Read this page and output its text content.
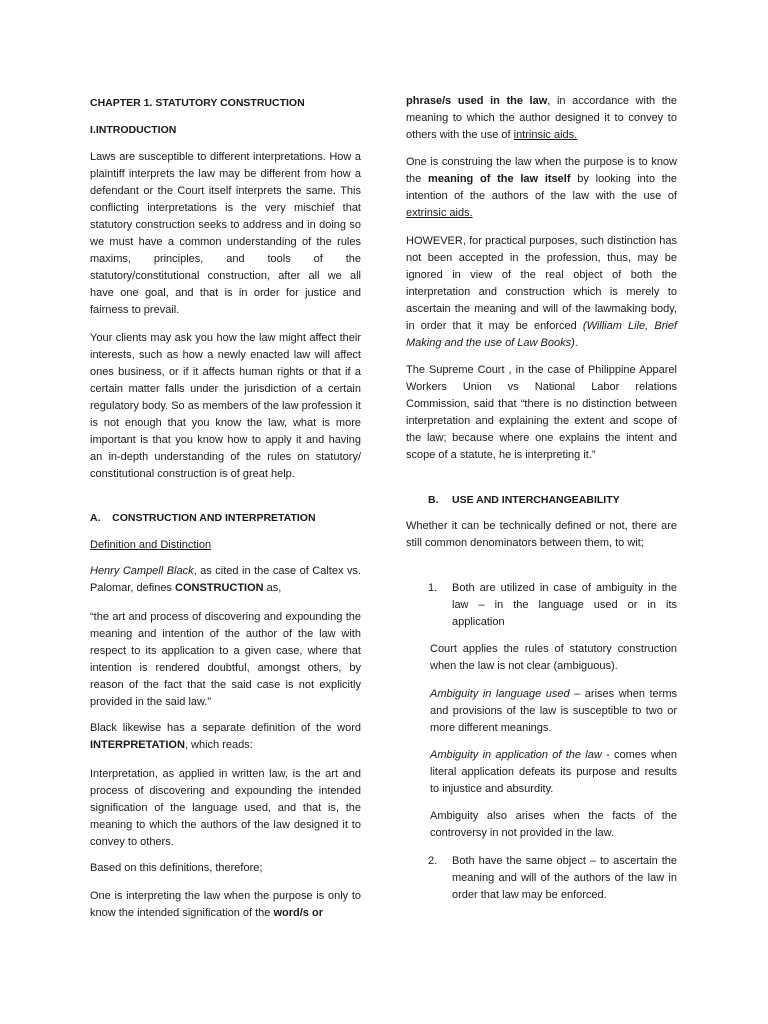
CHAPTER 1. STATUTORY CONSTRUCTION
I.INTRODUCTION

Laws are susceptible to different interpretations. How a plaintiff interprets the law may be different from how a defendant or the Court itself interprets the same. This conflicting interpretations is the very mischief that statutory construction seeks to address and in doing so we must have a common understanding of the rules maxims, principles, and tools of the statutory/constitutional construction, after all we all have one goal, and that is in order for justice and fairness to prevail.

Your clients may ask you how the law might affect their interests, such as how a newly enacted law will affect ones business, or if it affects human rights or that if a certain matter falls under the jurisdiction of a certain regulatory body. So as members of the law profession it is not enough that you know the law, what is more important is that you know how to apply it and having an in-depth understanding of the rules on statutory/ constitutional construction is of great help.

A.    CONSTRUCTION AND INTERPRETATION
Definition and Distinction

Henry Campell Black, as cited in the case of Caltex vs. Palomar, defines CONSTRUCTION as,

“the art and process of discovering and expounding the meaning and intention of the author of the law with respect to its application to a given case, where that intention is rendered doubtful, amongst others, by reason of the fact that the said case is not explicitly provided in the said law.”

Black likewise has a separate definition of the word INTERPRETATION, which reads:

Interpretation, as applied in written law, is the art and process of discovering and expounding the intended signification of the language used, and that is, the meaning to which the authors of the law designed it to convey to others.

Based on this definitions, therefore;

One is interpreting the law when the purpose is only to know the intended signification of the word/s or

phrase/s used in the law, in accordance with the meaning to which the author designed it to convey to others with the use of intrinsic aids.

One is construing the law when the purpose is to know the meaning of the law itself by looking into the intention of the authors of the law with the use of extrinsic aids.

HOWEVER, for practical purposes, such distinction has not been accepted in the profession, thus, may be ignored in view of the real object of both the interpretation and construction which is merely to ascertain the meaning and will of the lawmaking body, in order that it may be enforced (William Lile, Brief Making and the use of Law Books).

The Supreme Court , in the case of Philippine Apparel Workers Union vs National Labor relations Commission, said that “there is no distinction between interpretation and explaining the extent and scope of the law; because where one explains the intent and scope of a statute, he is interpreting it.”

B. USE AND INTERCHANGEABILITY

Whether it can be technically defined or not, there are still common denominators between them, to wit;

1. Both are utilized in case of ambiguity in the law – in the language used or in its application

Court applies the rules of statutory construction when the law is not clear (ambiguous).

Ambiguity in language used – arises when terms and provisions of the law is susceptible to two or more different meanings.

Ambiguity in application of the law - comes when literal application defeats its purpose and results to injustice and absurdity.

Ambiguity also arises when the facts of the controversy in not provided in the law.

2. Both have the same object – to ascertain the meaning and will of the authors of the law in order that law may be enforced.
